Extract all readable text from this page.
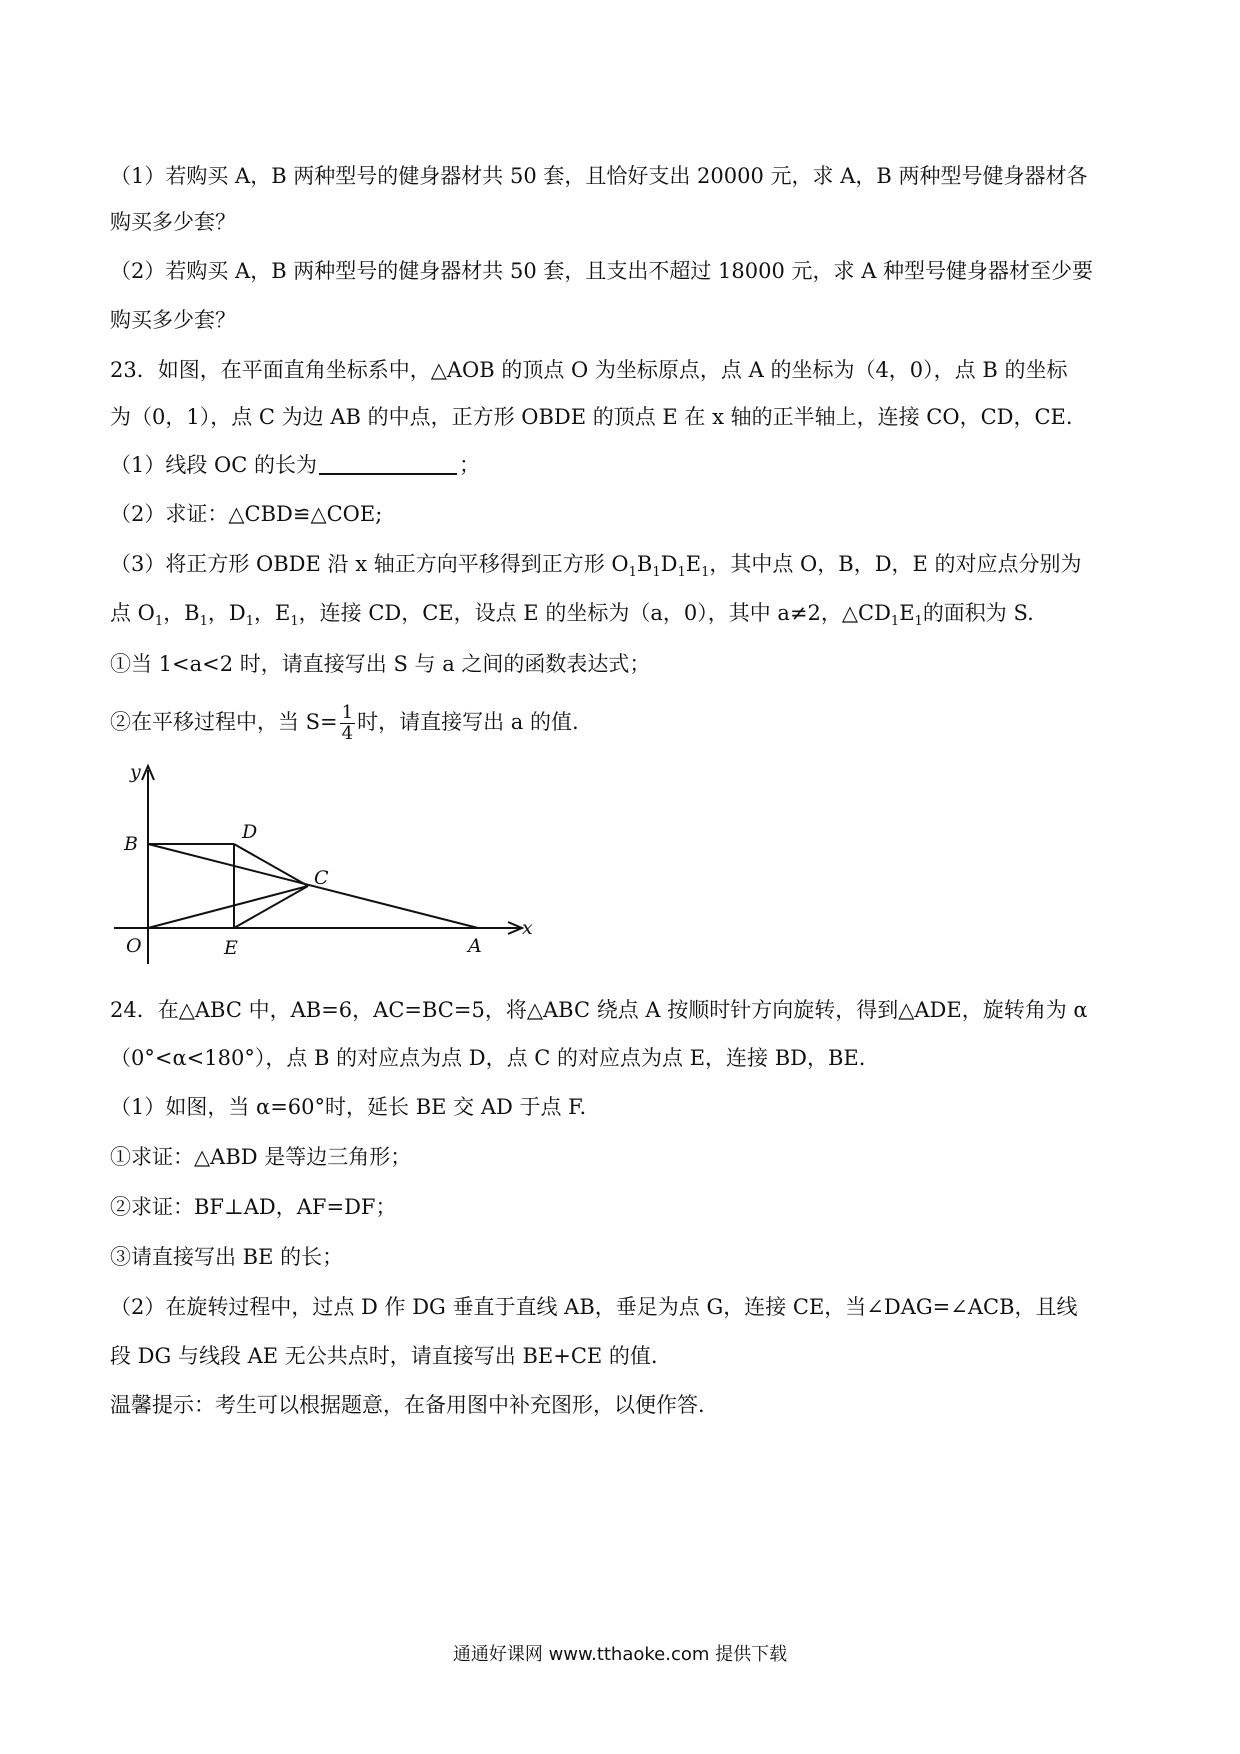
（1）若购买 A，B 两种型号的健身器材共 50 套，且恰好支出 20000 元，求 A，B 两种型号健身器材各
购买多少套？
（2）若购买 A，B 两种型号的健身器材共 50 套，且支出不超过 18000 元，求 A 种型号健身器材至少要
购买多少套？
23．如图，在平面直角坐标系中，△AOB 的顶点 O 为坐标原点，点 A 的坐标为（4，0），点 B 的坐标
为（0，1），点 C 为边 AB 的中点，正方形 OBDE 的顶点 E 在 x 轴的正半轴上，连接 CO，CD，CE.
（1）线段 OC 的长为	；
（2）求证：△CBD≌△COE;
（3）将正方形 OBDE 沿 x 轴正方向平移得到正方形 $O_1B_1D_1E_1$，其中点 O，B，D，E 的对应点分别为
点 $O_1$，$B_1$，$D_1$，$E_1$，连接 CD，CE，设点 E 的坐标为（a，0），其中 a≠2，$\triangle CD_1E_1$的面积为 S.
①当 1<a<2 时，请直接写出 S 与 a 之间的函数表达式；
②在平移过程中，当 $S= \frac{1}{4}$ 时，请直接写出 a 的值.
y
x
B
D
C
O	E	A
24．在△ABC 中，AB=6，AC=BC=5，将△ABC 绕点 A 按顺时针方向旋转，得到△ADE，旋转角为 α
（0°<α<180°），点 B 的对应点为点 D，点 C 的对应点为点 E，连接 BD，BE.
（1）如图，当 α=60°时，延长 BE 交 AD 于点 F.
①求证：△ABD 是等边三角形；
②求证：BF⊥AD，AF=DF；
③请直接写出 BE 的长；
（2）在旋转过程中，过点 D 作 DG 垂直于直线 AB，垂足为点 G，连接 CE，当∠DAG=∠ACB，且线
段 DG 与线段 AE 无公共点时，请直接写出 BE+CE 的值.
温馨提示：考生可以根据题意，在备用图中补充图形，以便作答.
通通好课网 www.tthaoke.com 提供下载
